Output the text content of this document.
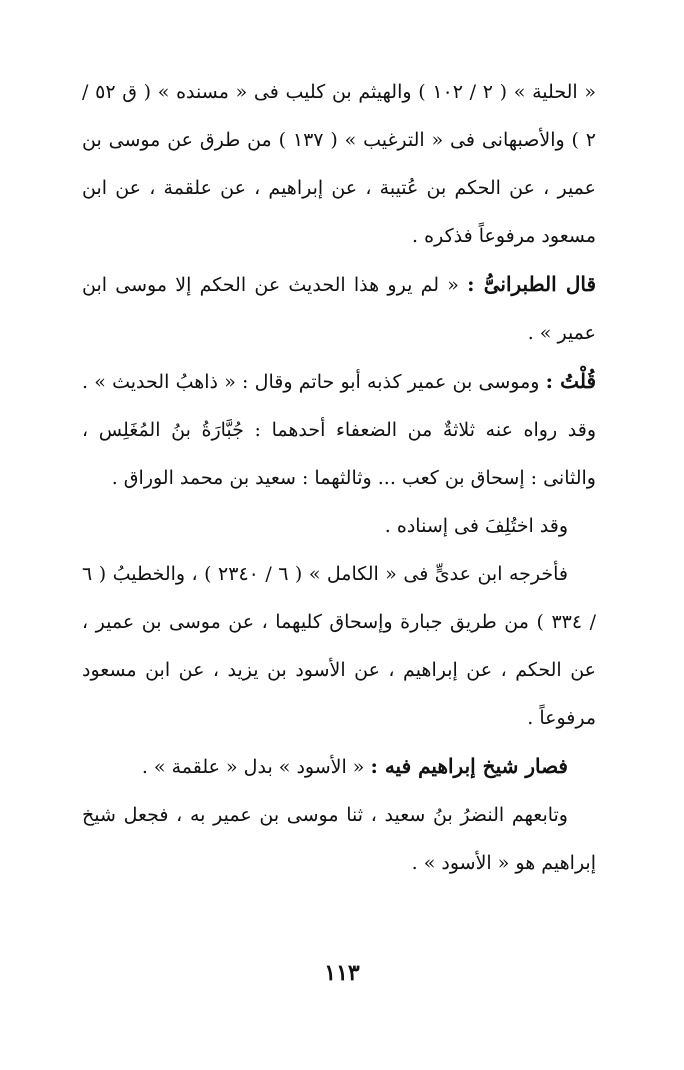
« الحلية » ( ٢ / ١٠٢ ) والهيثم بن كليب فى « مسنده » ( ق ٥٢ / ٢ ) والأصبهانى فى « الترغيب » ( ١٣٧ ) من طرق عن موسى بن عمير ، عن الحكم بن عُتيبة ، عن إبراهيم ، عن علقمة ، عن ابن مسعود مرفوعاً فذكره .

قال الطبرانىُّ : « لم يرو هذا الحديث عن الحكم إلا موسى ابن عمير » .

قُلْتُ : وموسى بن عمير كذبه أبو حاتم وقال : « ذاهبُ الحديث » . وقد رواه عنه ثلاثةٌ من الضعفاء أحدهما : جُبَّارَةُ بنُ المُغَلِس ، والثانى : إسحاق بن كعب ... وثالثهما : سعيد بن محمد الوراق .

وقد اختُلِفَ فى إسناده .

فأخرجه ابن عدىٍّ فى « الكامل » ( ٦ / ٢٣٤٠ ) ، والخطيبُ ( ٦ / ٣٣٤ ) من طريق جبارة وإسحاق كليهما ، عن موسى بن عمير ، عن الحكم ، عن إبراهيم ، عن الأسود بن يزيد ، عن ابن مسعود مرفوعاً .

فصار شيخ إبراهيم فيه : « الأسود » بدل « علقمة » .

وتابعهم النضرُ بنُ سعيد ، ثنا موسى بن عمير به ، فجعل شيخ إبراهيم هو « الأسود » .

١١٣
